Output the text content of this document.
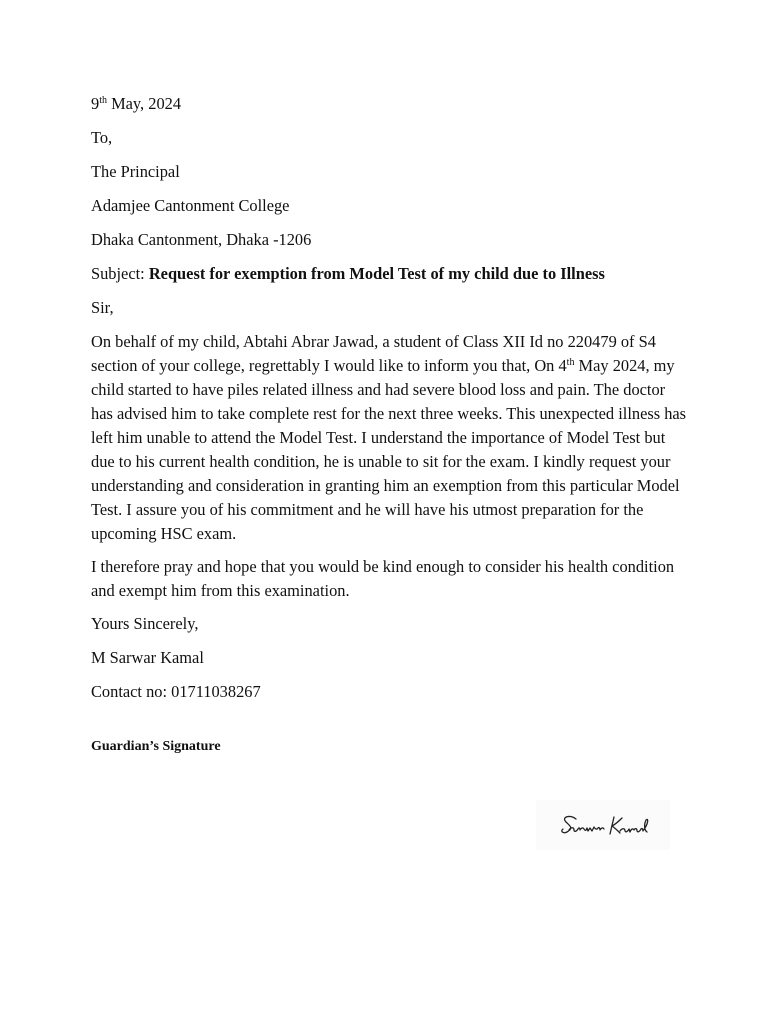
9th May, 2024
To,
The Principal
Adamjee Cantonment College
Dhaka Cantonment, Dhaka -1206
Subject: Request for exemption from Model Test of my child due to Illness
Sir,

On behalf of my child, Abtahi Abrar Jawad, a student of Class XII Id no 220479 of S4 section of your college, regrettably I would like to inform you that, On 4th May 2024, my child started to have piles related illness and had severe blood loss and pain. The doctor has advised him to take complete rest for the next three weeks. This unexpected illness has left him unable to attend the Model Test. I understand the importance of Model Test but due to his current health condition, he is unable to sit for the exam. I kindly request your understanding and consideration in granting him an exemption from this particular Model Test. I assure you of his commitment and he will have his utmost preparation for the upcoming HSC exam.

I therefore pray and hope that you would be kind enough to consider his health condition and exempt him from this examination.

Yours Sincerely,
M Sarwar Kamal
Contact no: 01711038267
Guardian’s Signature
